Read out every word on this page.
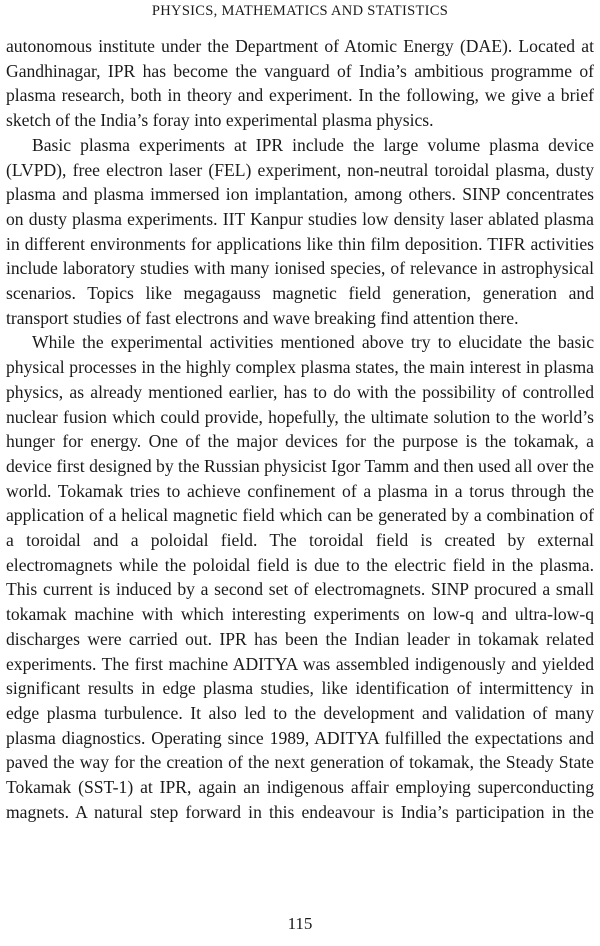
PHYSICS, MATHEMATICS AND STATISTICS

autonomous institute under the Department of Atomic Energy (DAE). Located at Gandhinagar, IPR has become the vanguard of India’s ambitious programme of plasma research, both in theory and experiment. In the following, we give a brief sketch of the India’s foray into experimental plasma physics.

Basic plasma experiments at IPR include the large volume plasma device (LVPD), free electron laser (FEL) experiment, non-neutral toroidal plasma, dusty plasma and plasma immersed ion implantation, among others. SINP concentrates on dusty plasma experiments. IIT Kanpur studies low density laser ablated plasma in different environments for applications like thin film deposition. TIFR activities include laboratory studies with many ionised species, of relevance in astrophysical scenarios. Topics like megagauss magnetic field generation, generation and transport studies of fast electrons and wave breaking find attention there.

While the experimental activities mentioned above try to elucidate the basic physical processes in the highly complex plasma states, the main interest in plasma physics, as already mentioned earlier, has to do with the possibility of controlled nuclear fusion which could provide, hopefully, the ultimate solution to the world’s hunger for energy. One of the major devices for the purpose is the tokamak, a device first designed by the Russian physicist Igor Tamm and then used all over the world. Tokamak tries to achieve confinement of a plasma in a torus through the application of a helical magnetic field which can be generated by a combination of a toroidal and a poloidal field. The toroidal field is created by external electromagnets while the poloidal field is due to the electric field in the plasma. This current is induced by a second set of electromagnets. SINP procured a small tokamak machine with which interesting experiments on low-q and ultra-low-q discharges were carried out. IPR has been the Indian leader in tokamak related experiments. The first machine ADITYA was assembled indigenously and yielded significant results in edge plasma studies, like identification of intermittency in edge plasma turbulence. It also led to the development and validation of many plasma diagnostics. Operating since 1989, ADITYA fulfilled the expectations and paved the way for the creation of the next generation of tokamak, the Steady State Tokamak (SST-1) at IPR, again an indigenous affair employing superconducting magnets. A natural step forward in this endeavour is India’s participation in the

115
